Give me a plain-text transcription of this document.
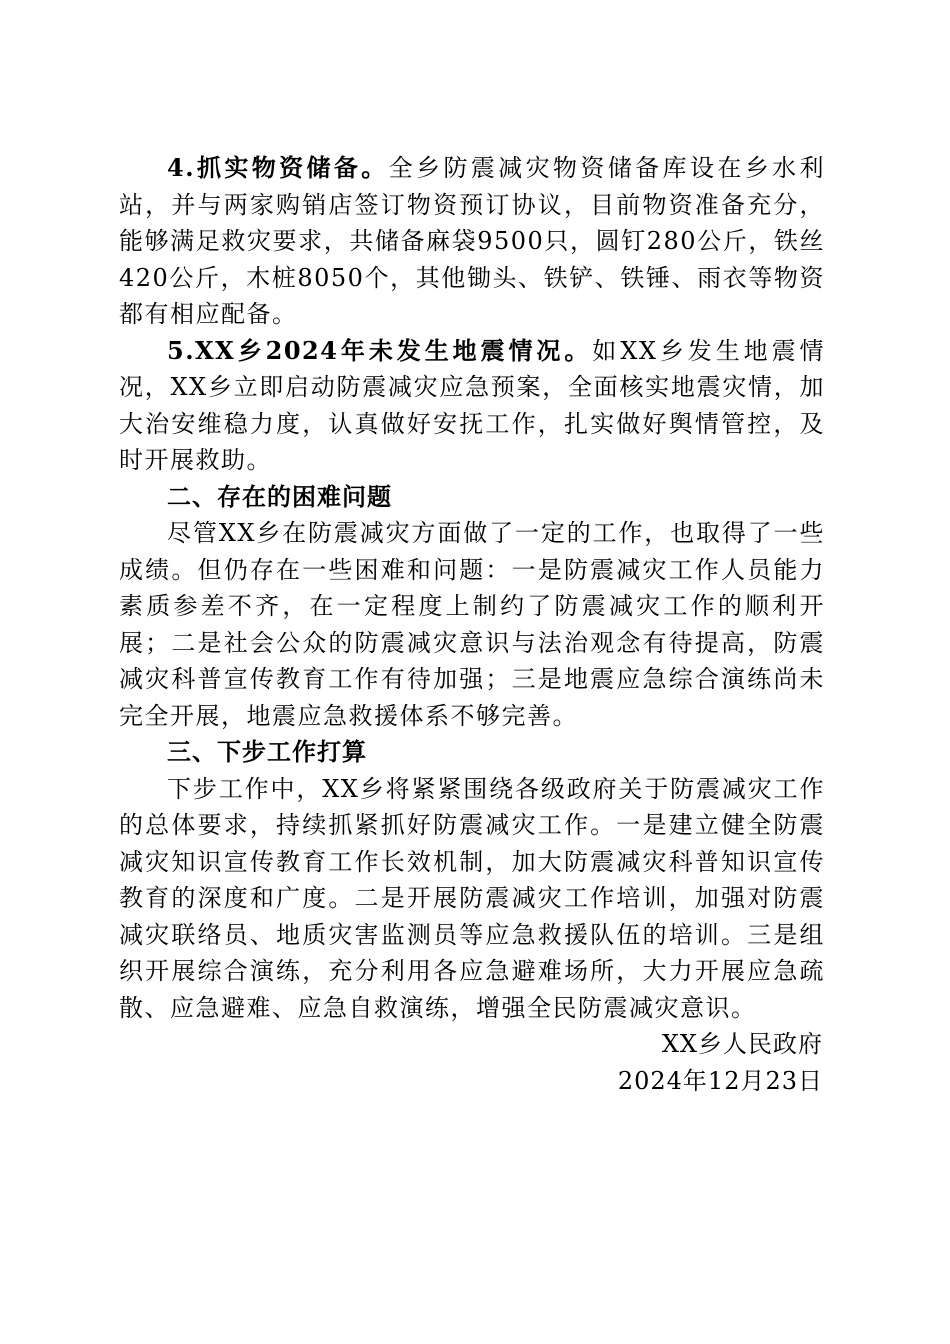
4.抓实物资储备。全乡防震减灾物资储备库设在乡水利站，并与两家购销店签订物资预订协议，目前物资准备充分，能够满足救灾要求，共储备麻袋9500只，圆钉280公斤，铁丝420公斤，木桩8050个，其他锄头、铁铲、铁锤、雨衣等物资都有相应配备。

5.XX乡2024年未发生地震情况。如XX乡发生地震情况，XX乡立即启动防震减灾应急预案，全面核实地震灾情，加大治安维稳力度，认真做好安抚工作，扎实做好舆情管控，及时开展救助。

二、存在的困难问题

尽管XX乡在防震减灾方面做了一定的工作，也取得了一些成绩。但仍存在一些困难和问题：一是防震减灾工作人员能力素质参差不齐，在一定程度上制约了防震减灾工作的顺利开展；二是社会公众的防震减灾意识与法治观念有待提高，防震减灾科普宣传教育工作有待加强；三是地震应急综合演练尚未完全开展，地震应急救援体系不够完善。

三、下步工作打算

下步工作中，XX乡将紧紧围绕各级政府关于防震减灾工作的总体要求，持续抓紧抓好防震减灾工作。一是建立健全防震减灾知识宣传教育工作长效机制，加大防震减灾科普知识宣传教育的深度和广度。二是开展防震减灾工作培训，加强对防震减灾联络员、地质灾害监测员等应急救援队伍的培训。三是组织开展综合演练，充分利用各应急避难场所，大力开展应急疏散、应急避难、应急自救演练，增强全民防震减灾意识。

XX乡人民政府

2024年12月23日
